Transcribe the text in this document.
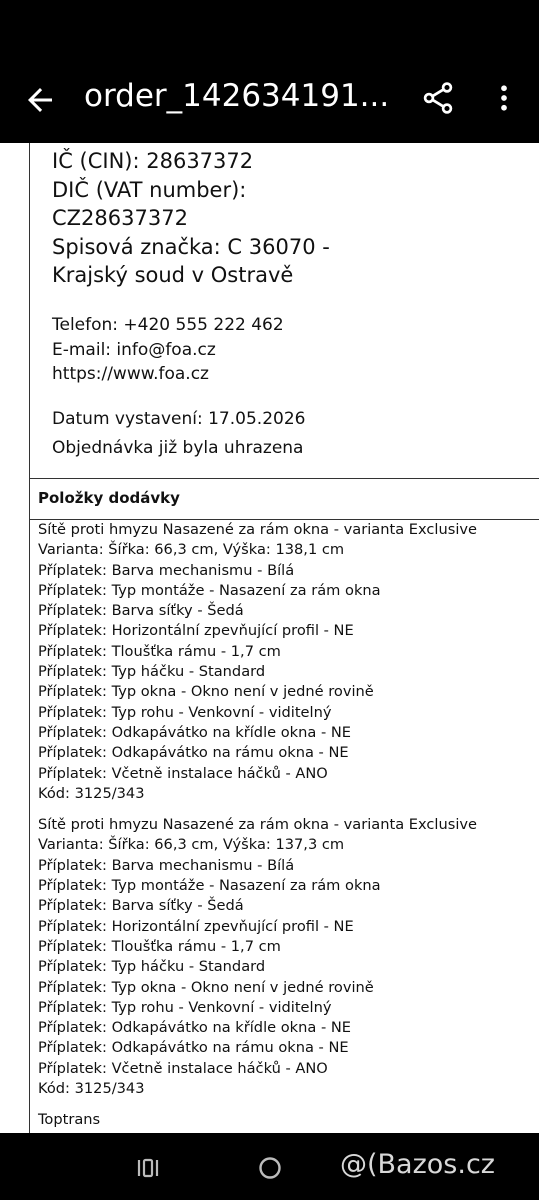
order_142634191...
IČ (CIN): 28637372
DIČ (VAT number):
CZ28637372
Spisová značka: C 36070 -
Krajský soud v Ostravě
Telefon: +420 555 222 462
E-mail: info@foa.cz
https://www.foa.cz
Datum vystavení: 17.05.2026
Objednávka již byla uhrazena
Položky dodávky
Sítě proti hmyzu Nasazené za rám okna - varianta Exclusive
Varianta: Šířka: 66,3 cm, Výška: 138,1 cm
Příplatek: Barva mechanismu - Bílá
Příplatek: Typ montáže - Nasazení za rám okna
Příplatek: Barva síťky - Šedá
Příplatek: Horizontální zpevňující profil - NE
Příplatek: Tloušťka rámu - 1,7 cm
Příplatek: Typ háčku - Standard
Příplatek: Typ okna - Okno není v jedné rovině
Příplatek: Typ rohu - Venkovní - viditelný
Příplatek: Odkapávátko na křídle okna - NE
Příplatek: Odkapávátko na rámu okna - NE
Příplatek: Včetně instalace háčků - ANO
Kód: 3125/343
Sítě proti hmyzu Nasazené za rám okna - varianta Exclusive
Varianta: Šířka: 66,3 cm, Výška: 137,3 cm
Příplatek: Barva mechanismu - Bílá
Příplatek: Typ montáže - Nasazení za rám okna
Příplatek: Barva síťky - Šedá
Příplatek: Horizontální zpevňující profil - NE
Příplatek: Tloušťka rámu - 1,7 cm
Příplatek: Typ háčku - Standard
Příplatek: Typ okna - Okno není v jedné rovině
Příplatek: Typ rohu - Venkovní - viditelný
Příplatek: Odkapávátko na křídle okna - NE
Příplatek: Odkapávátko na rámu okna - NE
Příplatek: Včetně instalace háčků - ANO
Kód: 3125/343
Toptrans
@(Bazos.cz
